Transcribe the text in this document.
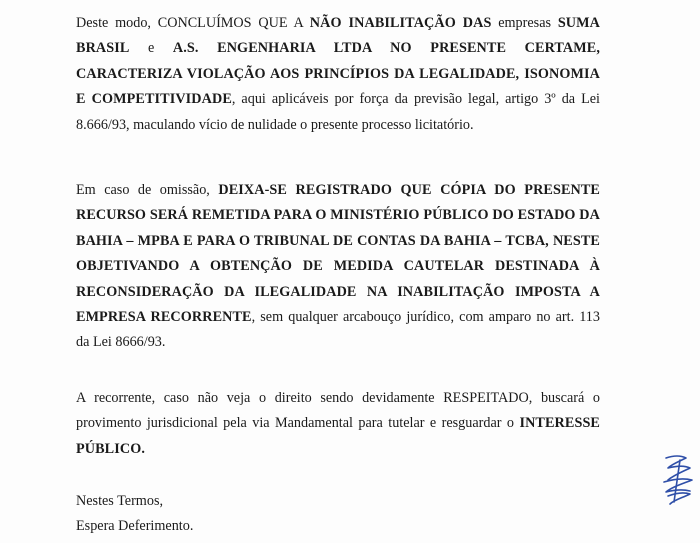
Deste modo, CONCLUÍMOS QUE A NÃO INABILITAÇÃO DAS empresas SUMA BRASIL e A.S. ENGENHARIA LTDA NO PRESENTE CERTAME, CARACTERIZA VIOLAÇÃO AOS PRINCÍPIOS DA LEGALIDADE, ISONOMIA E COMPETITIVIDADE, aqui aplicáveis por força da previsão legal, artigo 3º da Lei 8.666/93, maculando vício de nulidade o presente processo licitatório.

Em caso de omissão, DEIXA-SE REGISTRADO QUE CÓPIA DO PRESENTE RECURSO SERÁ REMETIDA PARA O MINISTÉRIO PÚBLICO DO ESTADO DA BAHIA – MPBA E PARA O TRIBUNAL DE CONTAS DA BAHIA – TCBA, NESTE OBJETIVANDO A OBTENÇÃO DE MEDIDA CAUTELAR DESTINADA À RECONSIDERAÇÃO DA ILEGALIDADE NA INABILITAÇÃO IMPOSTA A EMPRESA RECORRENTE, sem qualquer arcabouço jurídico, com amparo no art. 113 da Lei 8666/93.

A recorrente, caso não veja o direito sendo devidamente RESPEITADO, buscará o provimento jurisdicional pela via Mandamental para tutelar e resguardar o INTERESSE PÚBLICO.

Nestes Termos,
Espera Deferimento.
